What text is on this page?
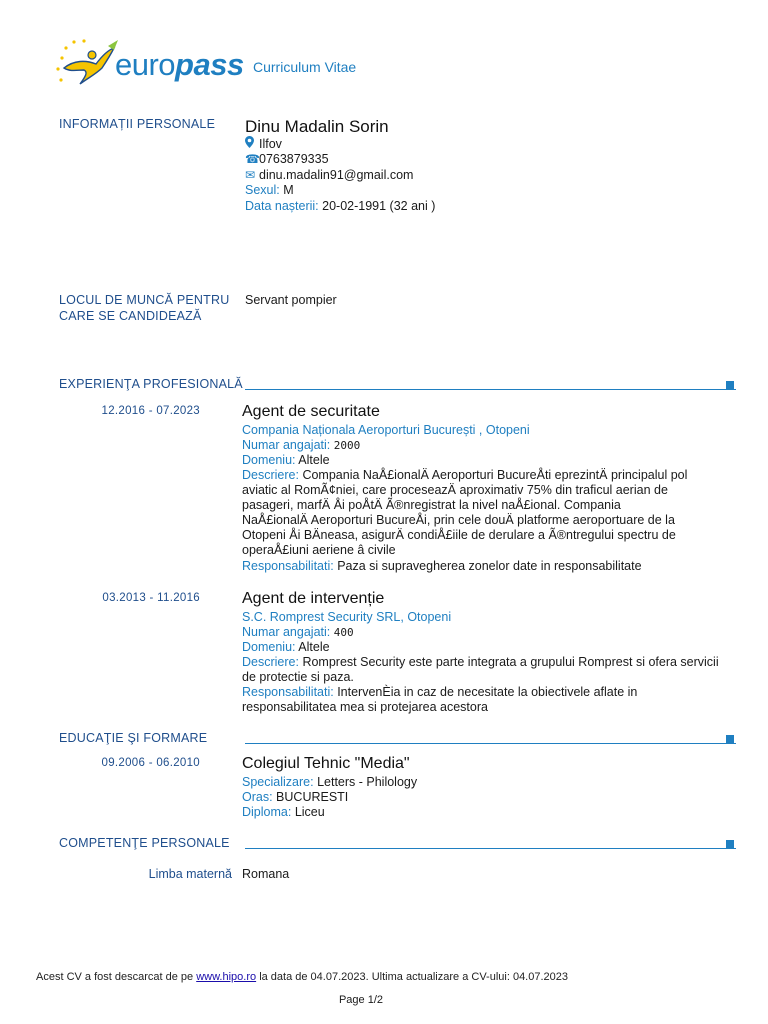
europass Curriculum Vitae
INFORMAȚII PERSONALE Dinu Madalin Sorin
Ilfov
☎0763879335
✉ dinu.madalin91@gmail.com
Sexul: M
Data nașterii: 20-02-1991 (32 ani )
LOCUL DE MUNCĂ PENTRU CARE SE CANDIDEAZĂ
Servant pompier
EXPERIENŢA PROFESIONALĂ
12.2016 - 07.2023	Agent de securitate
Compania Naționala Aeroporturi București , Otopeni
Numar angajati: 2000
Domeniu: Altele
Descriere: Compania NaÅ£ionalÄ Aeroporturi BucureÅti eprezintÄ principalul pol
aviatic al RomÃ¢niei, care proceseazÄ aproximativ 75% din traficul aerian de
pasageri, marfÄ Åi poÅtÄ Ã®nregistrat la nivel naÅ£ional. Compania
NaÅ£ionalÄ Aeroporturi BucureÅi, prin cele douÄ platforme aeroportuare de la
Otopeni Åi BÄneasa, asigurÄ condiÅ£iile de derulare a Ã®ntregului spectru de
operaÅ£iuni aeriene â civile
Responsabilitati: Paza si supravegherea zonelor date in responsabilitate
03.2013 - 11.2016	Agent de intervenție
S.C. Romprest Security SRL, Otopeni
Numar angajati: 400
Domeniu: Altele
Descriere: Romprest Security este parte integrata a grupului Romprest si ofera servicii
de protectie si paza.
Responsabilitati: IntervenÈia in caz de necesitate la obiectivele aflate in
responsabilitatea mea si protejarea acestora
EDUCAŢIE ŞI FORMARE
09.2006 - 06.2010	Colegiul Tehnic "Media"
Specializare: Letters - Philology
Oras: BUCURESTI
Diploma: Liceu
COMPETENŢE PERSONALE
Limba maternă Romana
Acest CV a fost descarcat de pe www.hipo.ro la data de 04.07.2023. Ultima actualizare a CV-ului: 04.07.2023
Page 1/2
